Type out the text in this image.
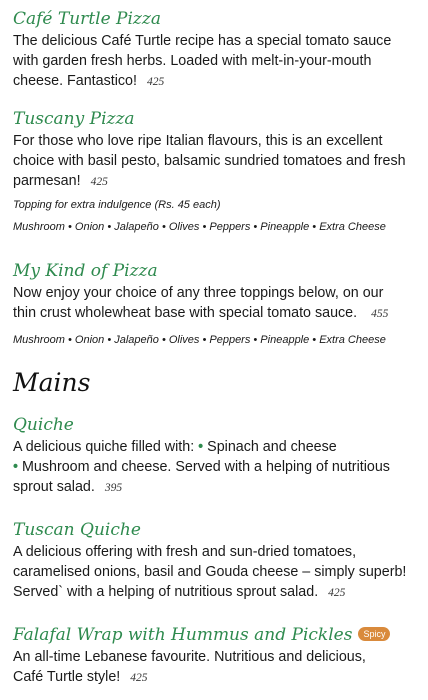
Café Turtle Pizza
The delicious Café Turtle recipe has a special tomato sauce
with garden fresh herbs. Loaded with melt-in-your-mouth
cheese. Fantastico! 425
Tuscany Pizza
For those who love ripe Italian flavours, this is an excellent
choice with basil pesto, balsamic sundried tomatoes and fresh
parmesan! 425
Topping for extra indulgence (Rs. 45 each)
Mushroom • Onion • Jalapeño • Olives • Peppers • Pineapple • Extra Cheese
My Kind of Pizza
Now enjoy your choice of any three toppings below, on our
thin crust wholewheat base with special tomato sauce. 455
Mushroom • Onion • Jalapeño • Olives • Peppers • Pineapple • Extra Cheese
Mains
Quiche
A delicious quiche filled with: • Spinach and cheese
• Mushroom and cheese. Served with a helping of nutritious
sprout salad. 395
Tuscan Quiche
A delicious offering with fresh and sun-dried tomatoes,
caramelised onions, basil and Gouda cheese – simply superb!
Served` with a helping of nutritious sprout salad. 425
Falafal Wrap with Hummus and Pickles Spicy
An all-time Lebanese favourite. Nutritious and delicious,
Café Turtle style! 425
